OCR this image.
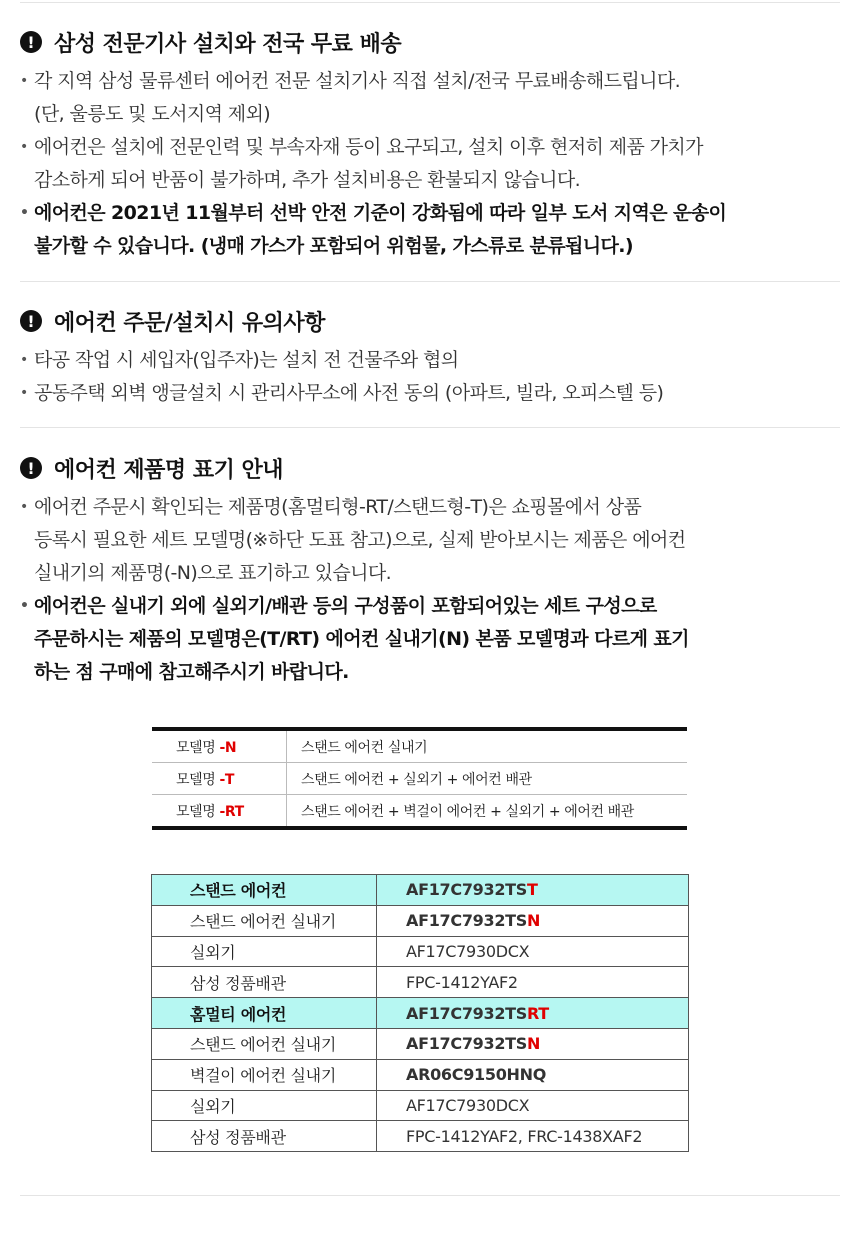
! 삼성 전문기사 설치와 전국 무료 배송
• 각 지역 삼성 물류센터 에어컨 전문 설치기사 직접 설치/전국 무료배송해드립니다.
(단, 울릉도 및 도서지역 제외)
• 에어컨은 설치에 전문인력 및 부속자재 등이 요구되고, 설치 이후 현저히 제품 가치가
감소하게 되어 반품이 불가하며, 추가 설치비용은 환불되지 않습니다.
• 에어컨은 2021년 11월부터 선박 안전 기준이 강화됨에 따라 일부 도서 지역은 운송이
불가할 수 있습니다. (냉매 가스가 포함되어 위험물, 가스류로 분류됩니다.)
! 에어컨 주문/설치시 유의사항
• 타공 작업 시 세입자(입주자)는 설치 전 건물주와 협의
• 공동주택 외벽 앵글설치 시 관리사무소에 사전 동의 (아파트, 빌라, 오피스텔 등)
! 에어컨 제품명 표기 안내
• 에어컨 주문시 확인되는 제품명(홈멀티형-RT/스탠드형-T)은 쇼핑몰에서 상품
등록시 필요한 세트 모델명(※하단 도표 참고)으로, 실제 받아보시는 제품은 에어컨
실내기의 제품명(-N)으로 표기하고 있습니다.
• 에어컨은 실내기 외에 실외기/배관 등의 구성품이 포함되어있는 세트 구성으로
주문하시는 제품의 모델명은(T/RT) 에어컨 실내기(N) 본품 모델명과 다르게 표기
하는 점 구매에 참고해주시기 바랍니다.
모델명 -N	스탠드 에어컨 실내기
모델명 -T	스탠드 에어컨 + 실외기 + 에어컨 배관
모델명 -RT	스탠드 에어컨 + 벽걸이 에어컨 + 실외기 + 에어컨 배관
스탠드 에어컨	AF17C7932TST
스탠드 에어컨 실내기	AF17C7932TSN
실외기	AF17C7930DCX
삼성 정품배관	FPC-1412YAF2
홈멀티 에어컨	AF17C7932TSRT
스탠드 에어컨 실내기	AF17C7932TSN
벽걸이 에어컨 실내기	AR06C9150HNQ
실외기	AF17C7930DCX
삼성 정품배관	FPC-1412YAF2, FRC-1438XAF2
